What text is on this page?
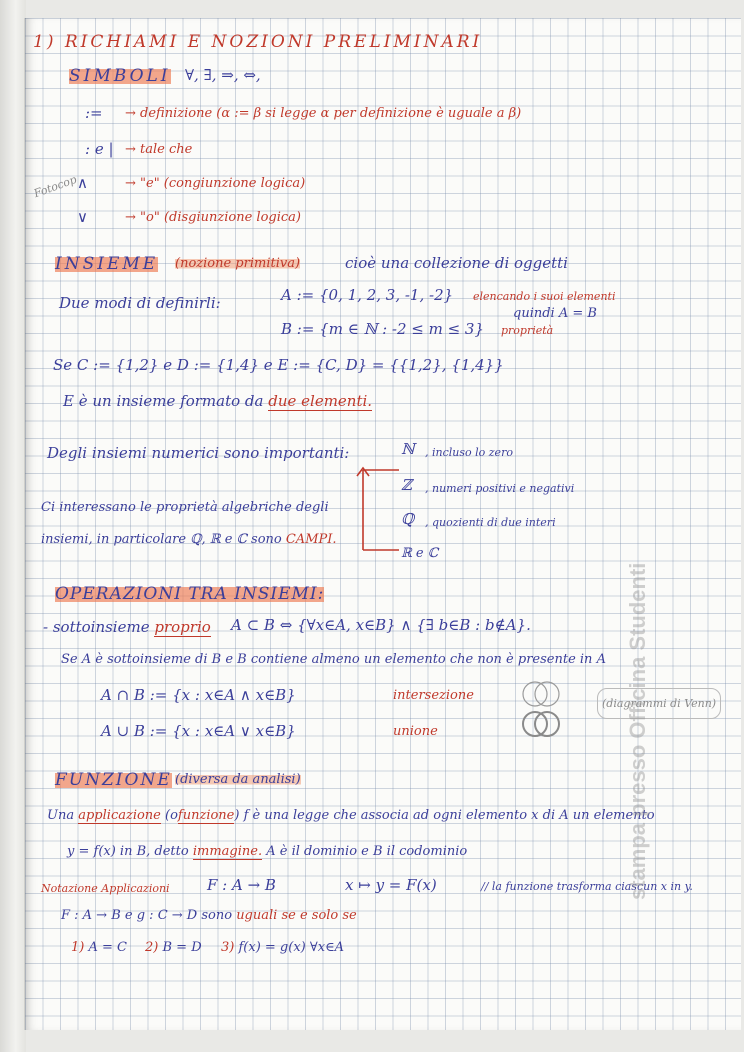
1) RICHIAMI E NOZIONI PRELIMINARI
SIMBOLI ∀, ∃, ⇒, ⇔,
:= → definizione (α := β si legge α per definizione è uguale a β)
: e | → tale che
∧	→ "e" (congiunzione logica)
∨	→ "o" (disgiunzione logica)
Fotocop
INSIEME (nozione primitiva)	cioè una collezione di oggetti
Due modi di definirli:	A := {0, 1, 2, 3, -1, -2} elencando i suoi elementi
quindi A = B
B := {m ∈ ℕ : -2 ≤ m ≤ 3} proprietà
Se C := {1,2} e D := {1,4} e E := {C, D} = {{1,2}, {1,4}}
E è un insieme formato da due elementi.
Degli insiemi numerici sono importanti:	ℕ , incluso lo zero
ℤ , numeri positivi e negativi
Ci interessano le proprietà algebriche degli
ℚ , quozienti di due interi
insiemi, in particolare ℚ, ℝ e ℂ sono CAMPI.
ℝ e ℂ
OPERAZIONI TRA INSIEMI:
- sottoinsieme proprio A ⊂ B ⇔ {∀x∈A, x∈B} ∧ {∃ b∈B : b∉A}.
Se A è sottoinsieme di B e B contiene almeno un elemento che non è presente in A
A ∩ B := {x : x∈A ∧ x∈B}	intersezione
A ∪ B := {x : x∈A ∨ x∈B}	unione
(diagrammi di Venn)
FUNZIONE (diversa da analisi)
Una applicazione (ofunzione) f è una legge che associa ad ogni elemento x di A un elemento
y = f(x) in B, detto immagine. A è il dominio e B il codominio
Notazione Applicazioni F : A → B	x ↦ y = F(x)	// la funzione trasforma ciascun x in y.
F : A → B e g : C → D sono uguali se e solo se
1) A = C 2) B = D 3) f(x) = g(x) ∀x∈A
stampa presso Officina Studenti
